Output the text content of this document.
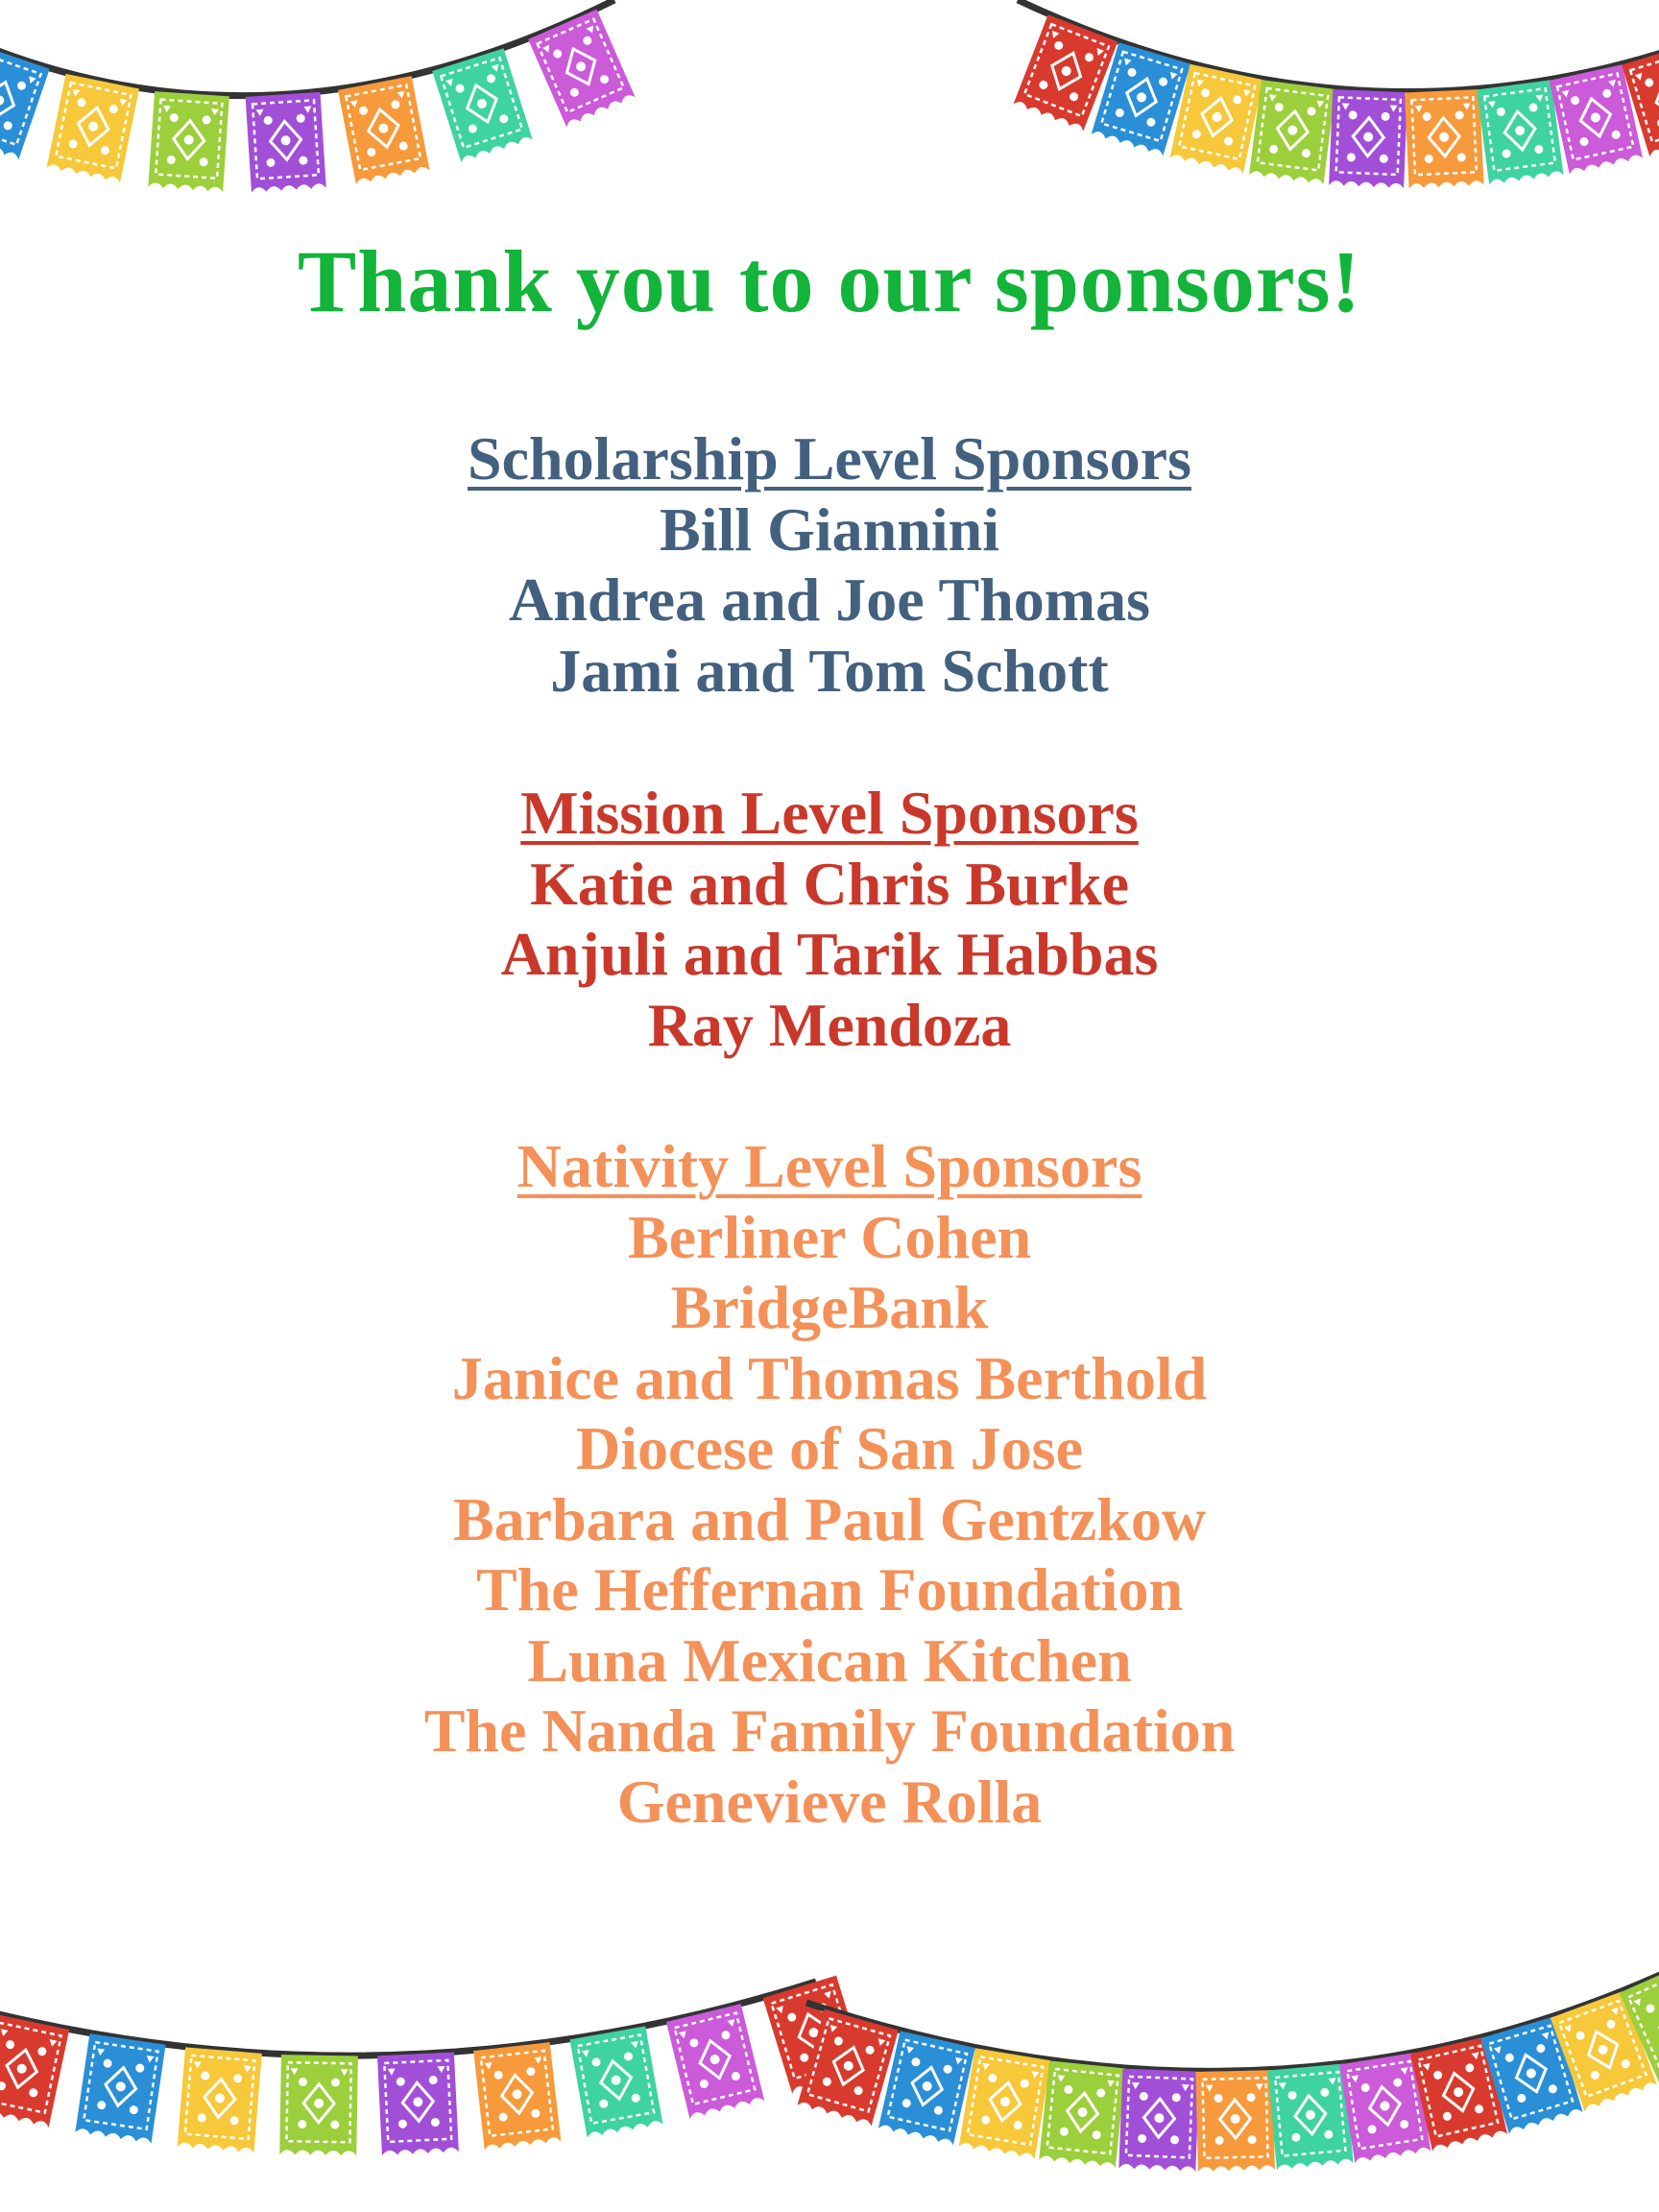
Thank you to our sponsors!
Scholarship Level Sponsors
Bill Giannini
Andrea and Joe Thomas
Jami and Tom Schott
Mission Level Sponsors
Katie and Chris Burke
Anjuli and Tarik Habbas
Ray Mendoza
Nativity Level Sponsors
Berliner Cohen
BridgeBank
Janice and Thomas Berthold
Diocese of San Jose
Barbara and Paul Gentzkow
The Heffernan Foundation
Luna Mexican Kitchen
The Nanda Family Foundation
Genevieve Rolla
